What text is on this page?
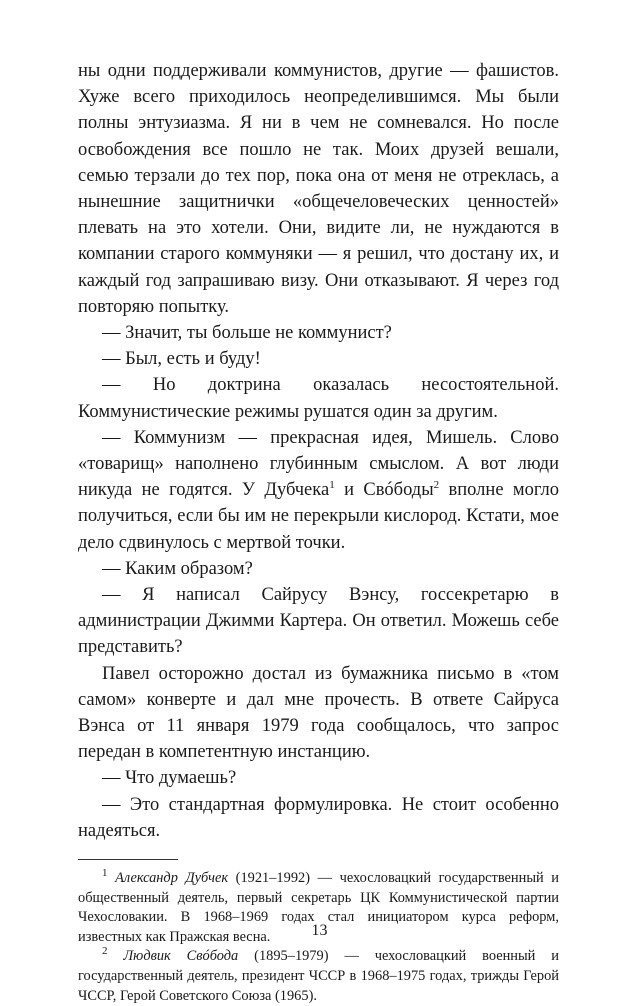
ны одни поддерживали коммунистов, другие — фашистов. Хуже всего приходилось неопределившимся. Мы были полны энтузиазма. Я ни в чем не сомневался. Но после освобождения все пошло не так. Моих друзей вешали, семью терзали до тех пор, пока она от меня не отреклась, а нынешние защитнички «общечеловеческих ценностей» плевать на это хотели. Они, видите ли, не нуждаются в компании старого коммуняки — я решил, что достану их, и каждый год запрашиваю визу. Они отказывают. Я через год повторяю попытку.

— Значит, ты больше не коммунист?

— Был, есть и буду!

— Но доктрина оказалась несостоятельной. Коммунистические режимы рушатся один за другим.

— Коммунизм — прекрасная идея, Мишель. Слово «товарищ» наполнено глубинным смыслом. А вот люди никуда не годятся. У Дубчека$^1$ и Свóбоды$^2$ вполне могло получиться, если бы им не перекрыли кислород. Кстати, мое дело сдвинулось с мертвой точки.

— Каким образом?

— Я написал Сайрусу Вэнсу, госсекретарю в администрации Джимми Картера. Он ответил. Можешь себе представить?

Павел осторожно достал из бумажника письмо в «том самом» конверте и дал мне прочесть. В ответе Сайруса Вэнса от 11 января 1979 года сообщалось, что запрос передан в компетентную инстанцию.

— Что думаешь?

— Это стандартная формулировка. Не стоит особенно надеяться.

$^1$ Александр Дубчек (1921–1992) — чехословацкий государственный и общественный деятель, первый секретарь ЦК Коммунистической партии Чехословакии. В 1968–1969 годах стал инициатором курса реформ, известных как Пражская весна.

$^2$ Людвик Свóбода (1895–1979) — чехословацкий военный и государственный деятель, президент ЧССР в 1968–1975 годах, трижды Герой ЧССР, Герой Советского Союза (1965).

13
